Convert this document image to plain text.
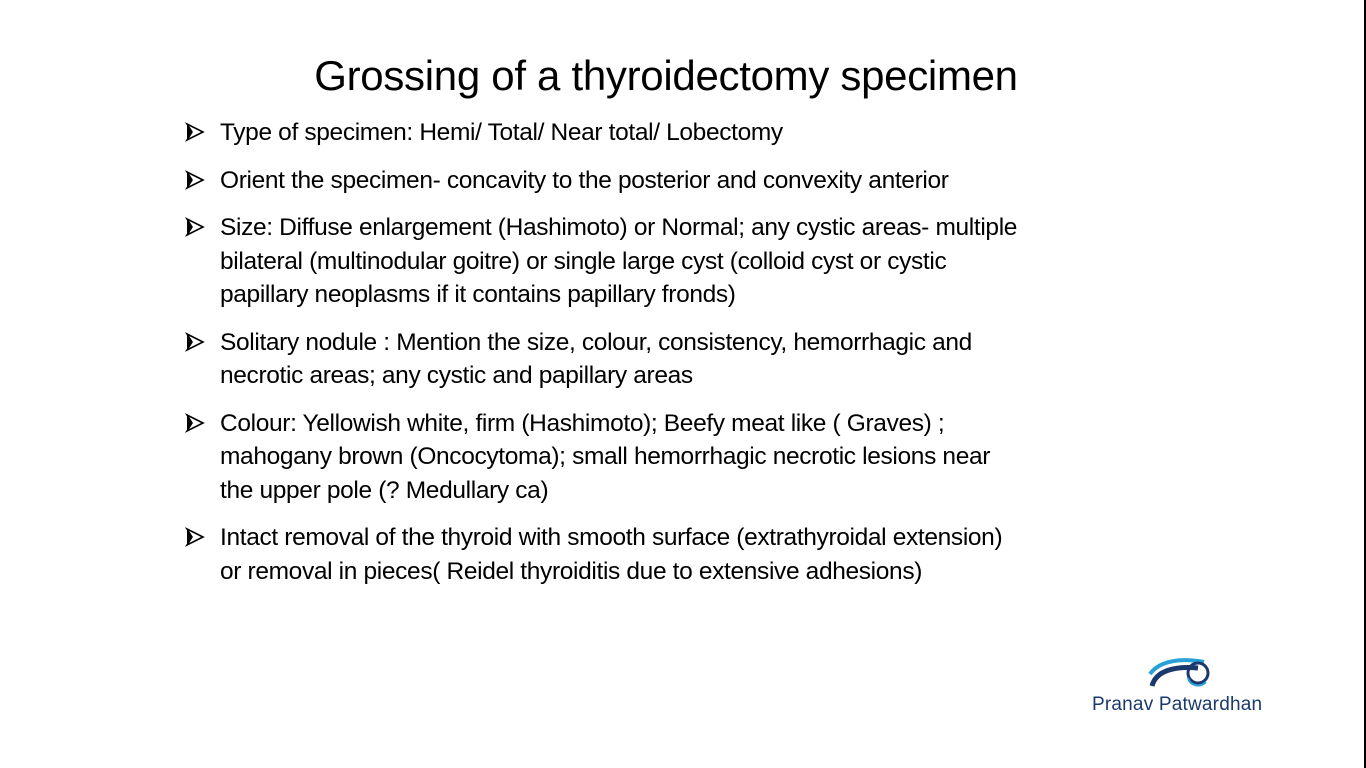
Grossing of a thyroidectomy specimen
Type of specimen: Hemi/ Total/ Near total/ Lobectomy
Orient the specimen- concavity to the posterior and convexity anterior
Size: Diffuse enlargement (Hashimoto) or Normal; any cystic areas- multiple
bilateral (multinodular goitre) or single large cyst (colloid cyst or cystic
papillary neoplasms if it contains papillary fronds)
Solitary nodule : Mention the size, colour, consistency, hemorrhagic and
necrotic areas; any cystic and papillary areas
Colour: Yellowish white, firm (Hashimoto); Beefy meat like ( Graves) ;
mahogany brown (Oncocytoma); small hemorrhagic necrotic lesions near
the upper pole (? Medullary ca)
Intact removal of the thyroid with smooth surface (extrathyroidal extension)
or removal in pieces( Reidel thyroiditis due to extensive adhesions)
Pranav Patwardhan
